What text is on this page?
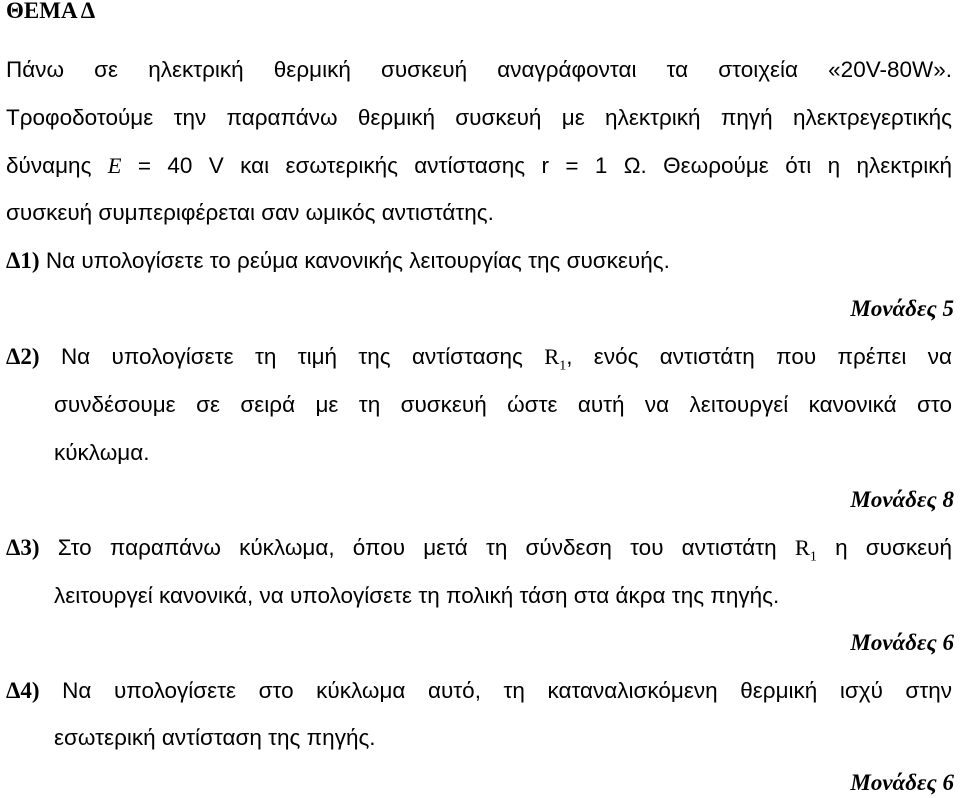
ΘΕΜΑ Δ
Πάνω σε ηλεκτρική θερμική συσκευή αναγράφονται τα στοιχεία «20V-80W».
Τροφοδοτούμε την παραπάνω θερμική συσκευή με ηλεκτρική πηγή ηλεκτρεγερτικής
δύναμης E = 40 V και εσωτερικής αντίστασης r = 1 Ω. Θεωρούμε ότι η ηλεκτρική
συσκευή συμπεριφέρεται σαν ωμικός αντιστάτης.
Δ1) Να υπολογίσετε το ρεύμα κανονικής λειτουργίας της συσκευής.
Μονάδες 5
Δ2) Να υπολογίσετε τη τιμή της αντίστασης $R_1$, ενός αντιστάτη που πρέπει να
συνδέσουμε σε σειρά με τη συσκευή ώστε αυτή να λειτουργεί κανονικά στο
κύκλωμα.
Μονάδες 8
Δ3) Στο παραπάνω κύκλωμα, όπου μετά τη σύνδεση του αντιστάτη $R_1$ η συσκευή
λειτουργεί κανονικά, να υπολογίσετε τη πολική τάση στα άκρα της πηγής.
Μονάδες 6
Δ4) Να υπολογίσετε στο κύκλωμα αυτό, τη καταναλισκόμενη θερμική ισχύ στην
εσωτερική αντίσταση της πηγής.
Μονάδες 6
